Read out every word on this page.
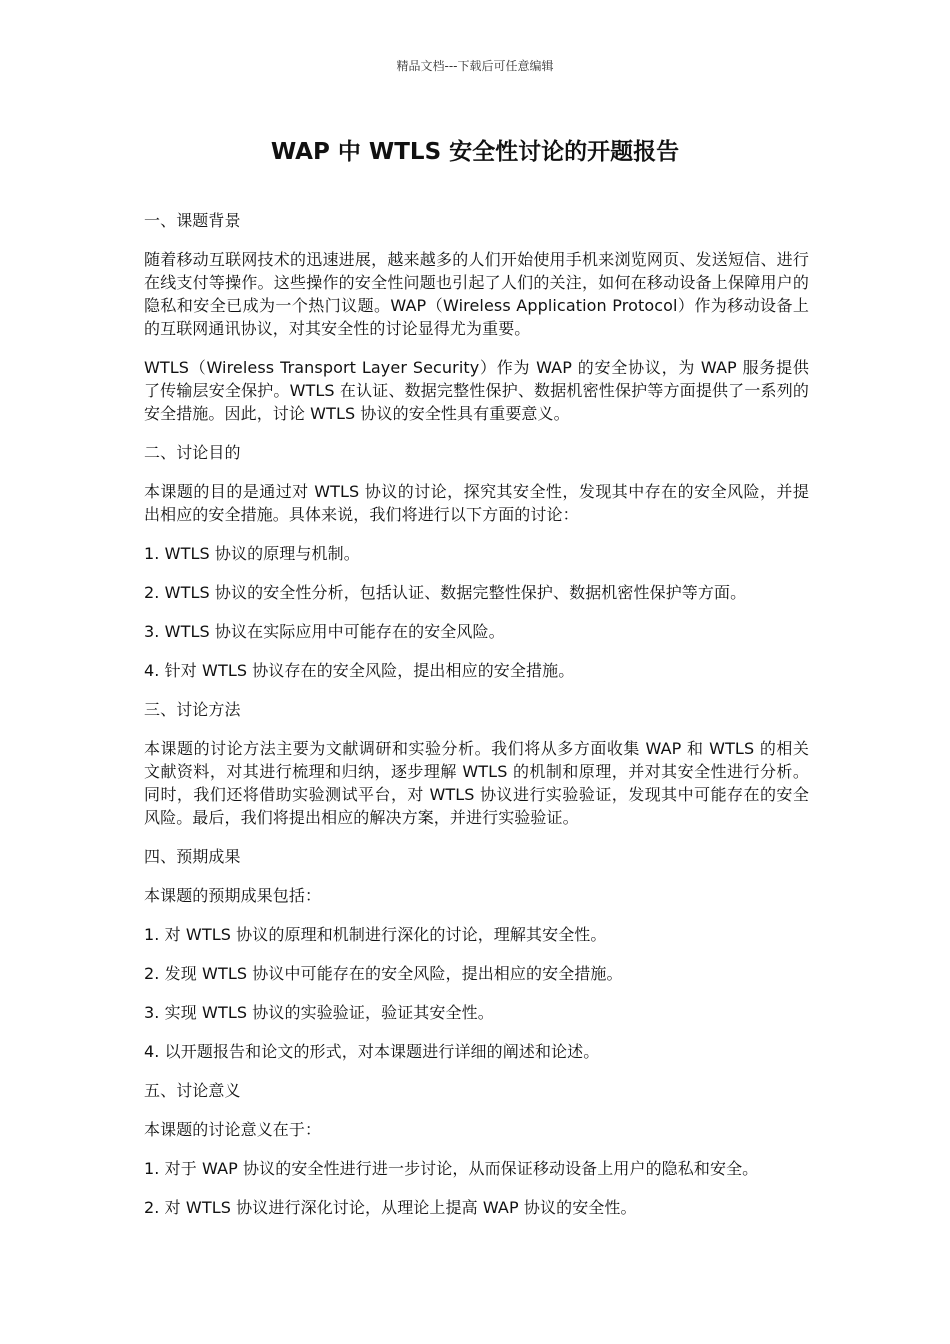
精品文档---下载后可任意编辑
WAP 中 WTLS 安全性讨论的开题报告

一、课题背景

随着移动互联网技术的迅速进展，越来越多的人们开始使用手机来浏览网页、发送短信、进行在线支付等操作。这些操作的安全性问题也引起了人们的关注，如何在移动设备上保障用户的隐私和安全已成为一个热门议题。WAP（Wireless Application Protocol）作为移动设备上的互联网通讯协议，对其安全性的讨论显得尤为重要。

WTLS（Wireless Transport Layer Security）作为 WAP 的安全协议，为 WAP 服务提供了传输层安全保护。WTLS 在认证、数据完整性保护、数据机密性保护等方面提供了一系列的安全措施。因此，讨论 WTLS 协议的安全性具有重要意义。

二、讨论目的

本课题的目的是通过对 WTLS 协议的讨论，探究其安全性，发现其中存在的安全风险，并提出相应的安全措施。具体来说，我们将进行以下方面的讨论：

1. WTLS 协议的原理与机制。

2. WTLS 协议的安全性分析，包括认证、数据完整性保护、数据机密性保护等方面。

3. WTLS 协议在实际应用中可能存在的安全风险。

4. 针对 WTLS 协议存在的安全风险，提出相应的安全措施。

三、讨论方法

本课题的讨论方法主要为文献调研和实验分析。我们将从多方面收集 WAP 和 WTLS 的相关文献资料，对其进行梳理和归纳，逐步理解 WTLS 的机制和原理，并对其安全性进行分析。同时，我们还将借助实验测试平台，对 WTLS 协议进行实验验证，发现其中可能存在的安全风险。最后，我们将提出相应的解决方案，并进行实验验证。

四、预期成果

本课题的预期成果包括：

1. 对 WTLS 协议的原理和机制进行深化的讨论，理解其安全性。

2. 发现 WTLS 协议中可能存在的安全风险，提出相应的安全措施。

3. 实现 WTLS 协议的实验验证，验证其安全性。

4. 以开题报告和论文的形式，对本课题进行详细的阐述和论述。

五、讨论意义

本课题的讨论意义在于：

1. 对于 WAP 协议的安全性进行进一步讨论，从而保证移动设备上用户的隐私和安全。

2. 对 WTLS 协议进行深化讨论，从理论上提高 WAP 协议的安全性。
